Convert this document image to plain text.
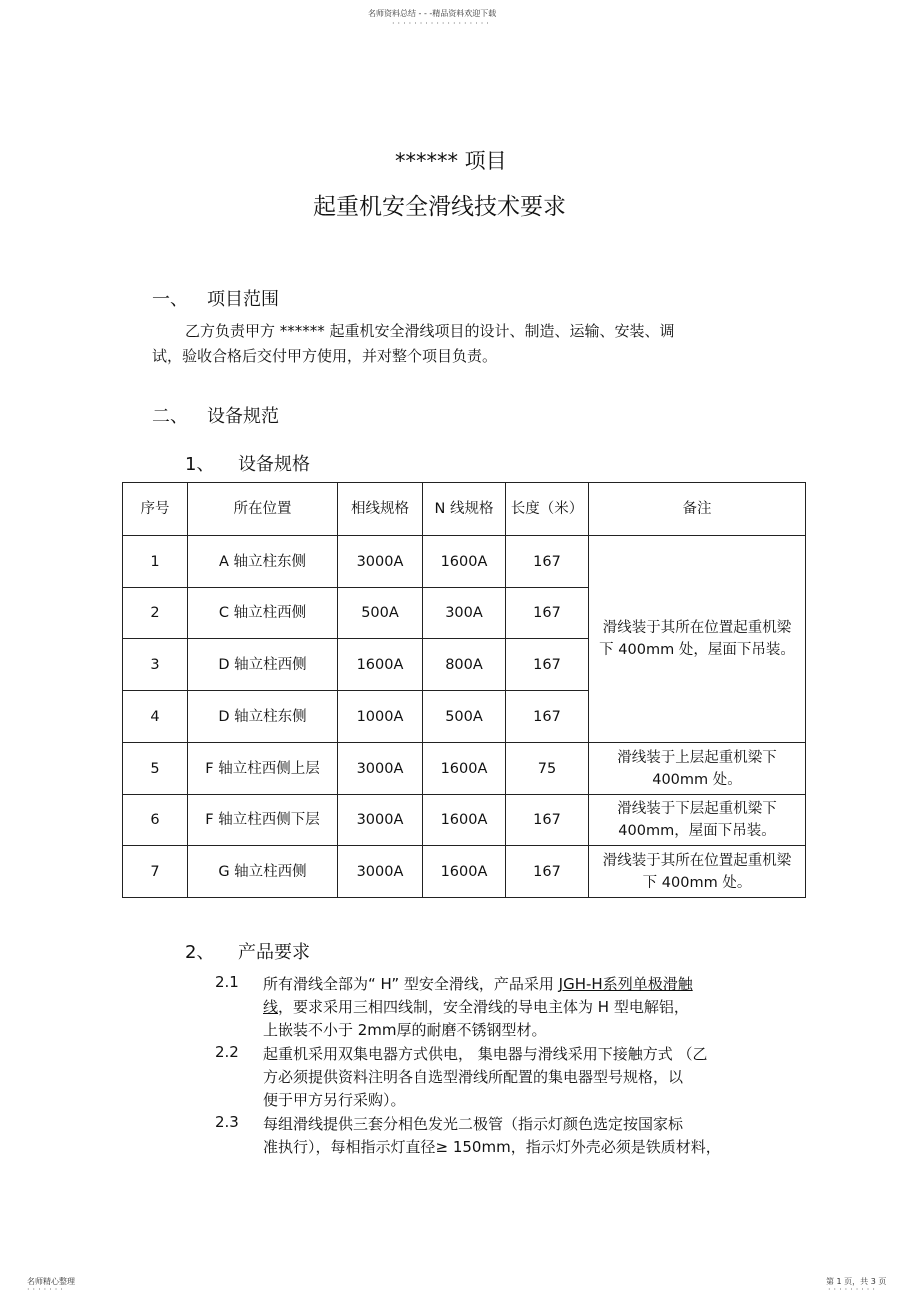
名师资料总结 - - -精品资料欢迎下载
··················
****** 项目
起重机安全滑线技术要求
一、 项目范围
乙方负责甲方 ****** 起重机安全滑线项目的设计、制造、运输、安装、调
试，验收合格后交付甲方使用，并对整个项目负责。
二、 设备规范
1、 设备规格
序号	所在位置	相线规格	N 线规格	长度（米）	备注
1	A 轴立柱东侧	3000A	1600A	167	滑线装于其所在位置起重机梁下 400mm 处，屋面下吊装。
2	C 轴立柱西侧	500A	300A	167	
3	D 轴立柱西侧	1600A	800A	167	
4	D 轴立柱东侧	1000A	500A	167	
5	F 轴立柱西侧上层	3000A	1600A	75	滑线装于上层起重机梁下 400mm 处。
6	F 轴立柱西侧下层	3000A	1600A	167	滑线装于下层起重机梁下 400mm，屋面下吊装。
7	G 轴立柱西侧	3000A	1600A	167	滑线装于其所在位置起重机梁下 400mm 处。
2、 产品要求
2.1 所有滑线全部为“ H” 型安全滑线，产品采用 JGH-H系列单极滑触
线，要求采用三相四线制，安全滑线的导电主体为 H 型电解铝，
上嵌装不小于 2mm厚的耐磨不锈钢型材。
2.2 起重机采用双集电器方式供电， 集电器与滑线采用下接触方式 （乙
方必须提供资料注明各自选型滑线所配置的集电器型号规格，以
便于甲方另行采购）。
2.3 每组滑线提供三套分相色发光二极管（指示灯颜色选定按国家标
准执行），每相指示灯直径≥ 150mm，指示灯外壳必须是铁质材料，
名师精心整理
·······
第 1 页，共 3 页
·········
